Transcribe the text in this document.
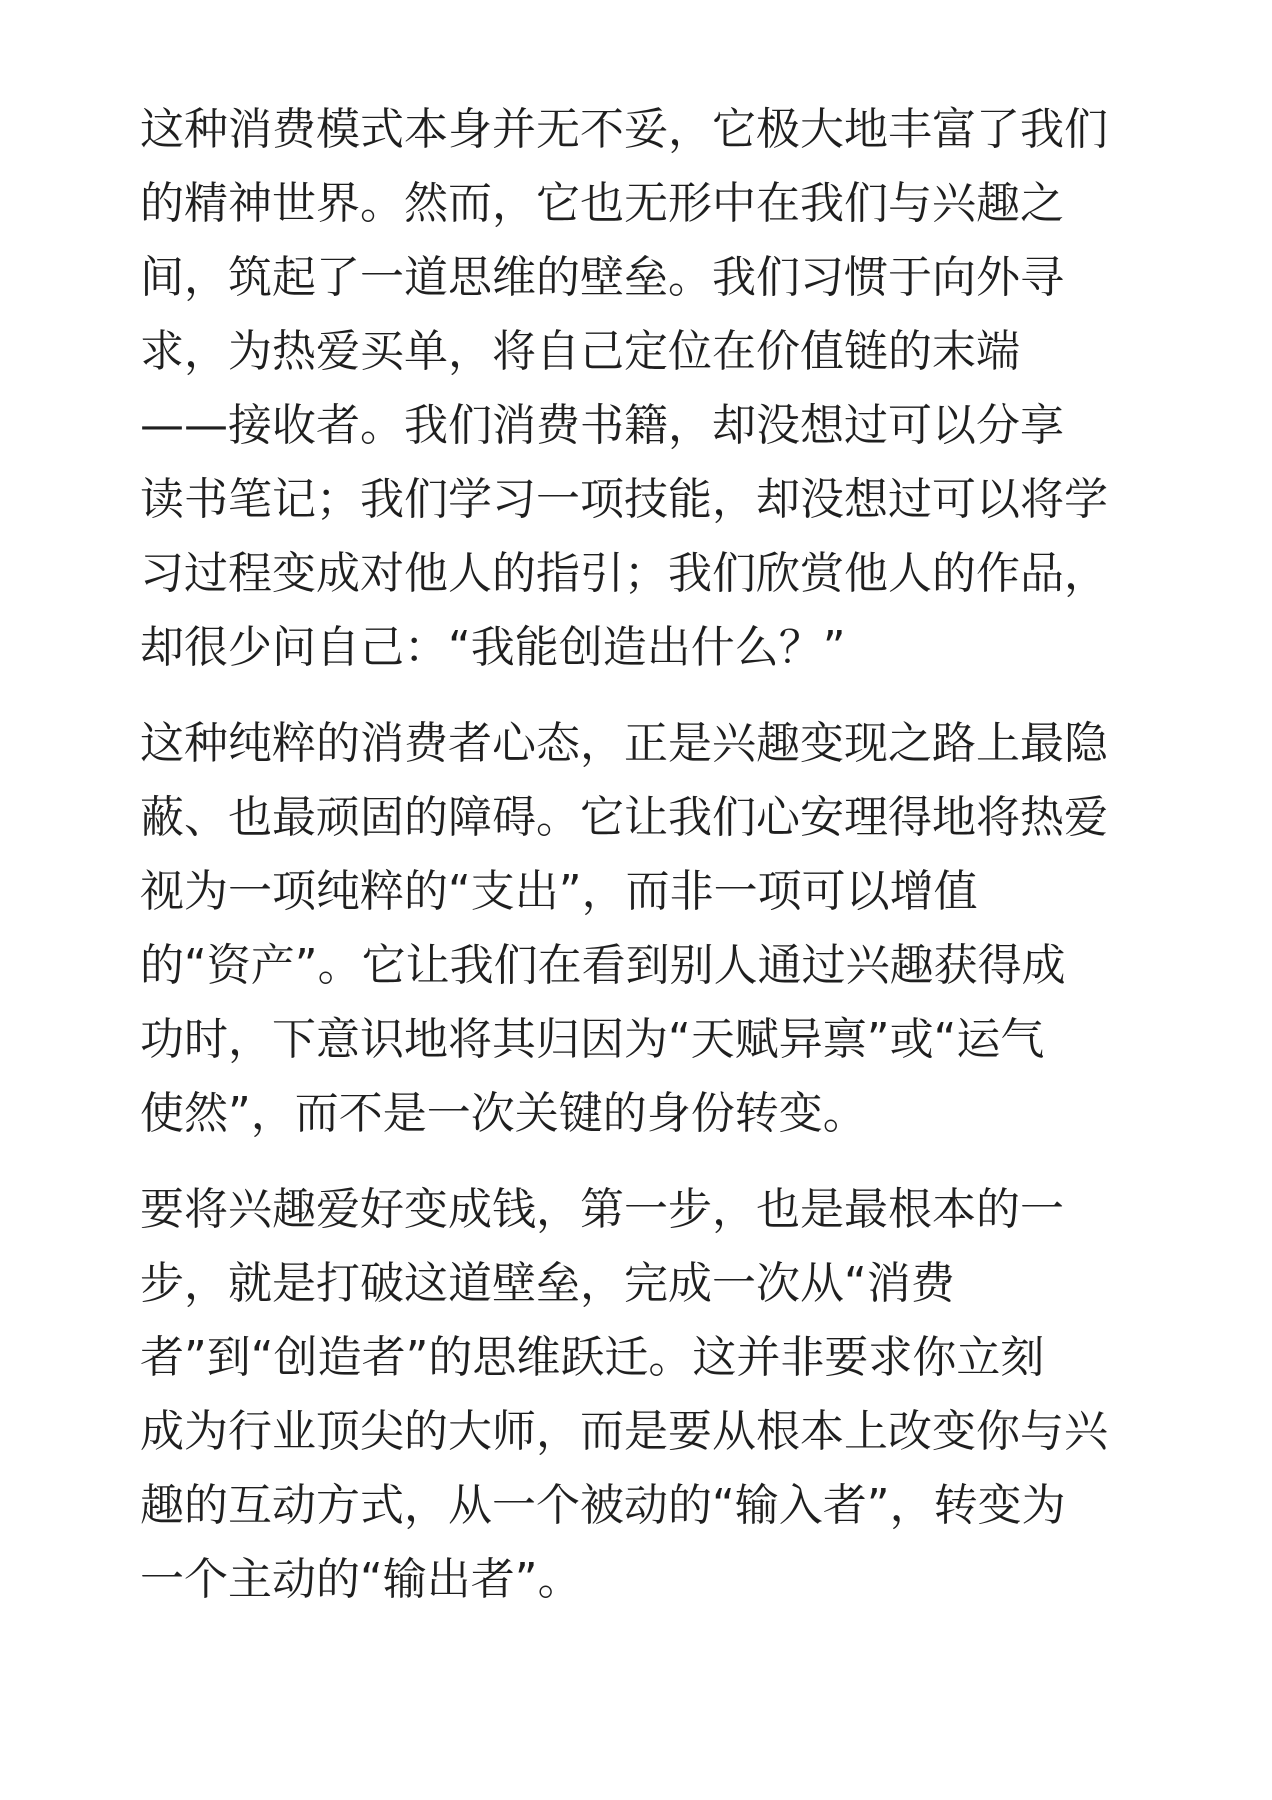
这种消费模式本身并无不妥，它极大地丰富了我们
的精神世界。然而，它也无形中在我们与兴趣之
间，筑起了一道思维的壁垒。我们习惯于向外寻
求，为热爱买单，将自己定位在价值链的末端
——接收者。我们消费书籍，却没想过可以分享
读书笔记；我们学习一项技能，却没想过可以将学
习过程变成对他人的指引；我们欣赏他人的作品，
却很少问自己：“我能创造出什么？”
这种纯粹的消费者心态，正是兴趣变现之路上最隐
蔽、也最顽固的障碍。它让我们心安理得地将热爱
视为一项纯粹的“支出”，而非一项可以增值
的“资产”。它让我们在看到别人通过兴趣获得成
功时，下意识地将其归因为“天赋异禀”或“运气
使然”，而不是一次关键的身份转变。
要将兴趣爱好变成钱，第一步，也是最根本的一
步，就是打破这道壁垒，完成一次从“消费
者”到“创造者”的思维跃迁。这并非要求你立刻
成为行业顶尖的大师，而是要从根本上改变你与兴
趣的互动方式，从一个被动的“输入者”，转变为
一个主动的“输出者”。
